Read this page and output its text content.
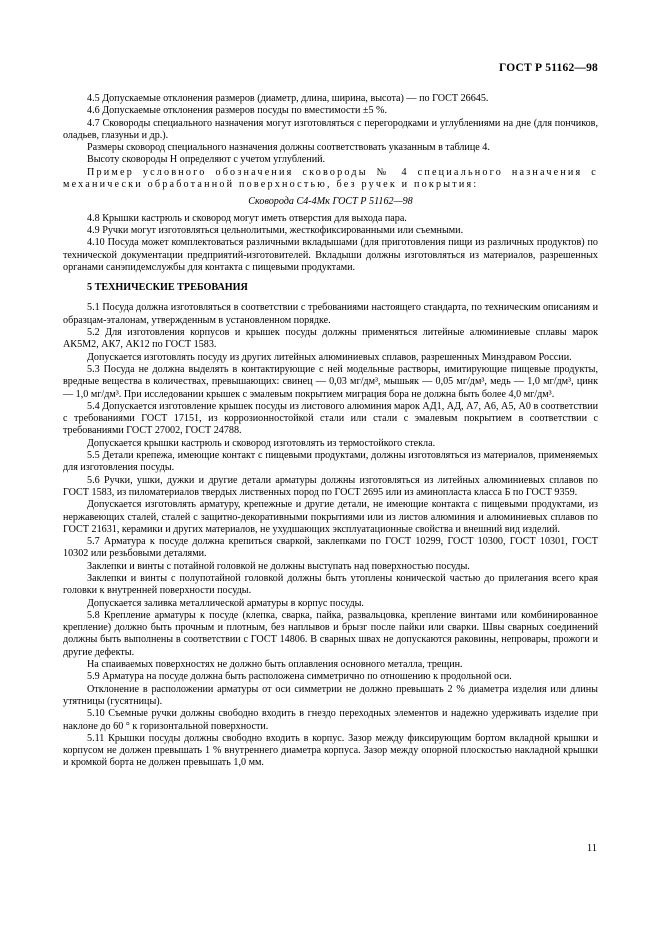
ГОСТ Р 51162—98

4.5 Допускаемые отклонения размеров (диаметр, длина, ширина, высота) — по ГОСТ 26645.

4.6 Допускаемые отклонения размеров посуды по вместимости ±5 %.

4.7 Сковороды специального назначения могут изготовляться с перегородками и углублениями на дне (для пончиков, оладьев, глазуньи и др.).

Размеры сковород специального назначения должны соответствовать указанным в таблице 4.

Высоту сковороды Н определяют с учетом углублений.

Пример условного обозначения сковороды № 4 специального назначения с механически обработанной поверхностью, без ручек и покрытия:

Сковорода С4-4Мк ГОСТ Р 51162—98

4.8 Крышки кастрюль и сковород могут иметь отверстия для выхода пара.

4.9 Ручки могут изготовляться цельнолитыми, жесткофиксированными или съемными.

4.10 Посуда может комплектоваться различными вкладышами (для приготовления пищи из различных продуктов) по технической документации предприятий-изготовителей. Вкладыши должны изготовляться из материалов, разрешенных органами санэпидемслужбы для контакта с пищевыми продуктами.

5 ТЕХНИЧЕСКИЕ ТРЕБОВАНИЯ

5.1 Посуда должна изготовляться в соответствии с требованиями настоящего стандарта, по техническим описаниям и образцам-эталонам, утвержденным в установленном порядке.

5.2 Для изготовления корпусов и крышек посуды должны применяться литейные алюминиевые сплавы марок АК5М2, АК7, АК12 по ГОСТ 1583.

Допускается изготовлять посуду из других литейных алюминиевых сплавов, разрешенных Минздравом России.

5.3 Посуда не должна выделять в контактирующие с ней модельные растворы, имитирующие пищевые продукты, вредные вещества в количествах, превышающих: свинец — 0,03 мг/дм³, мышьяк — 0,05 мг/дм³, медь — 1,0 мг/дм³, цинк — 1,0 мг/дм³. При исследовании крышек с эмалевым покрытием миграция бора не должна быть более 4,0 мг/дм³.

5.4 Допускается изготовление крышек посуды из листового алюминия марок АД1, АД, А7, А6, А5, А0 в соответствии с требованиями ГОСТ 17151, из коррозионностойкой стали или стали с эмалевым покрытием в соответствии с требованиями ГОСТ 27002, ГОСТ 24788.

Допускается крышки кастрюль и сковород изготовлять из термостойкого стекла.

5.5 Детали крепежа, имеющие контакт с пищевыми продуктами, должны изготовляться из материалов, применяемых для изготовления посуды.

5.6 Ручки, ушки, дужки и другие детали арматуры должны изготовляться из литейных алюминиевых сплавов по ГОСТ 1583, из пиломатериалов твердых лиственных пород по ГОСТ 2695 или из аминопласта класса Б по ГОСТ 9359.

Допускается изготовлять арматуру, крепежные и другие детали, не имеющие контакта с пищевыми продуктами, из нержавеющих сталей, сталей с защитно-декоративными покрытиями или из листов алюминия и алюминиевых сплавов по ГОСТ 21631, керамики и других материалов, не ухудшающих эксплуатационные свойства и внешний вид изделий.

5.7 Арматура к посуде должна крепиться сваркой, заклепками по ГОСТ 10299, ГОСТ 10300, ГОСТ 10301, ГОСТ 10302 или резьбовыми деталями.

Заклепки и винты с потайной головкой не должны выступать над поверхностью посуды.

Заклепки и винты с полупотайной головкой должны быть утоплены конической частью до прилегания всего края головки к внутренней поверхности посуды.

Допускается заливка металлической арматуры в корпус посуды.

5.8 Крепление арматуры к посуде (клепка, сварка, пайка, развальцовка, крепление винтами или комбинированное крепление) должно быть прочным и плотным, без наплывов и брызг после пайки или сварки. Швы сварных соединений должны быть выполнены в соответствии с ГОСТ 14806. В сварных швах не допускаются раковины, непровары, прожоги и другие дефекты.

На спаиваемых поверхностях не должно быть оплавления основного металла, трещин.

5.9 Арматура на посуде должна быть расположена симметрично по отношению к продольной оси.

Отклонение в расположении арматуры от оси симметрии не должно превышать 2 % диаметра изделия или длины утятницы (гусятницы).

5.10 Съемные ручки должны свободно входить в гнездо переходных элементов и надежно удерживать изделие при наклоне до 60 ° к горизонтальной поверхности.

5.11 Крышки посуды должны свободно входить в корпус. Зазор между фиксирующим бортом вкладной крышки и корпусом не должен превышать 1 % внутреннего диаметра корпуса. Зазор между опорной плоскостью накладной крышки и кромкой борта не должен превышать 1,0 мм.

11
